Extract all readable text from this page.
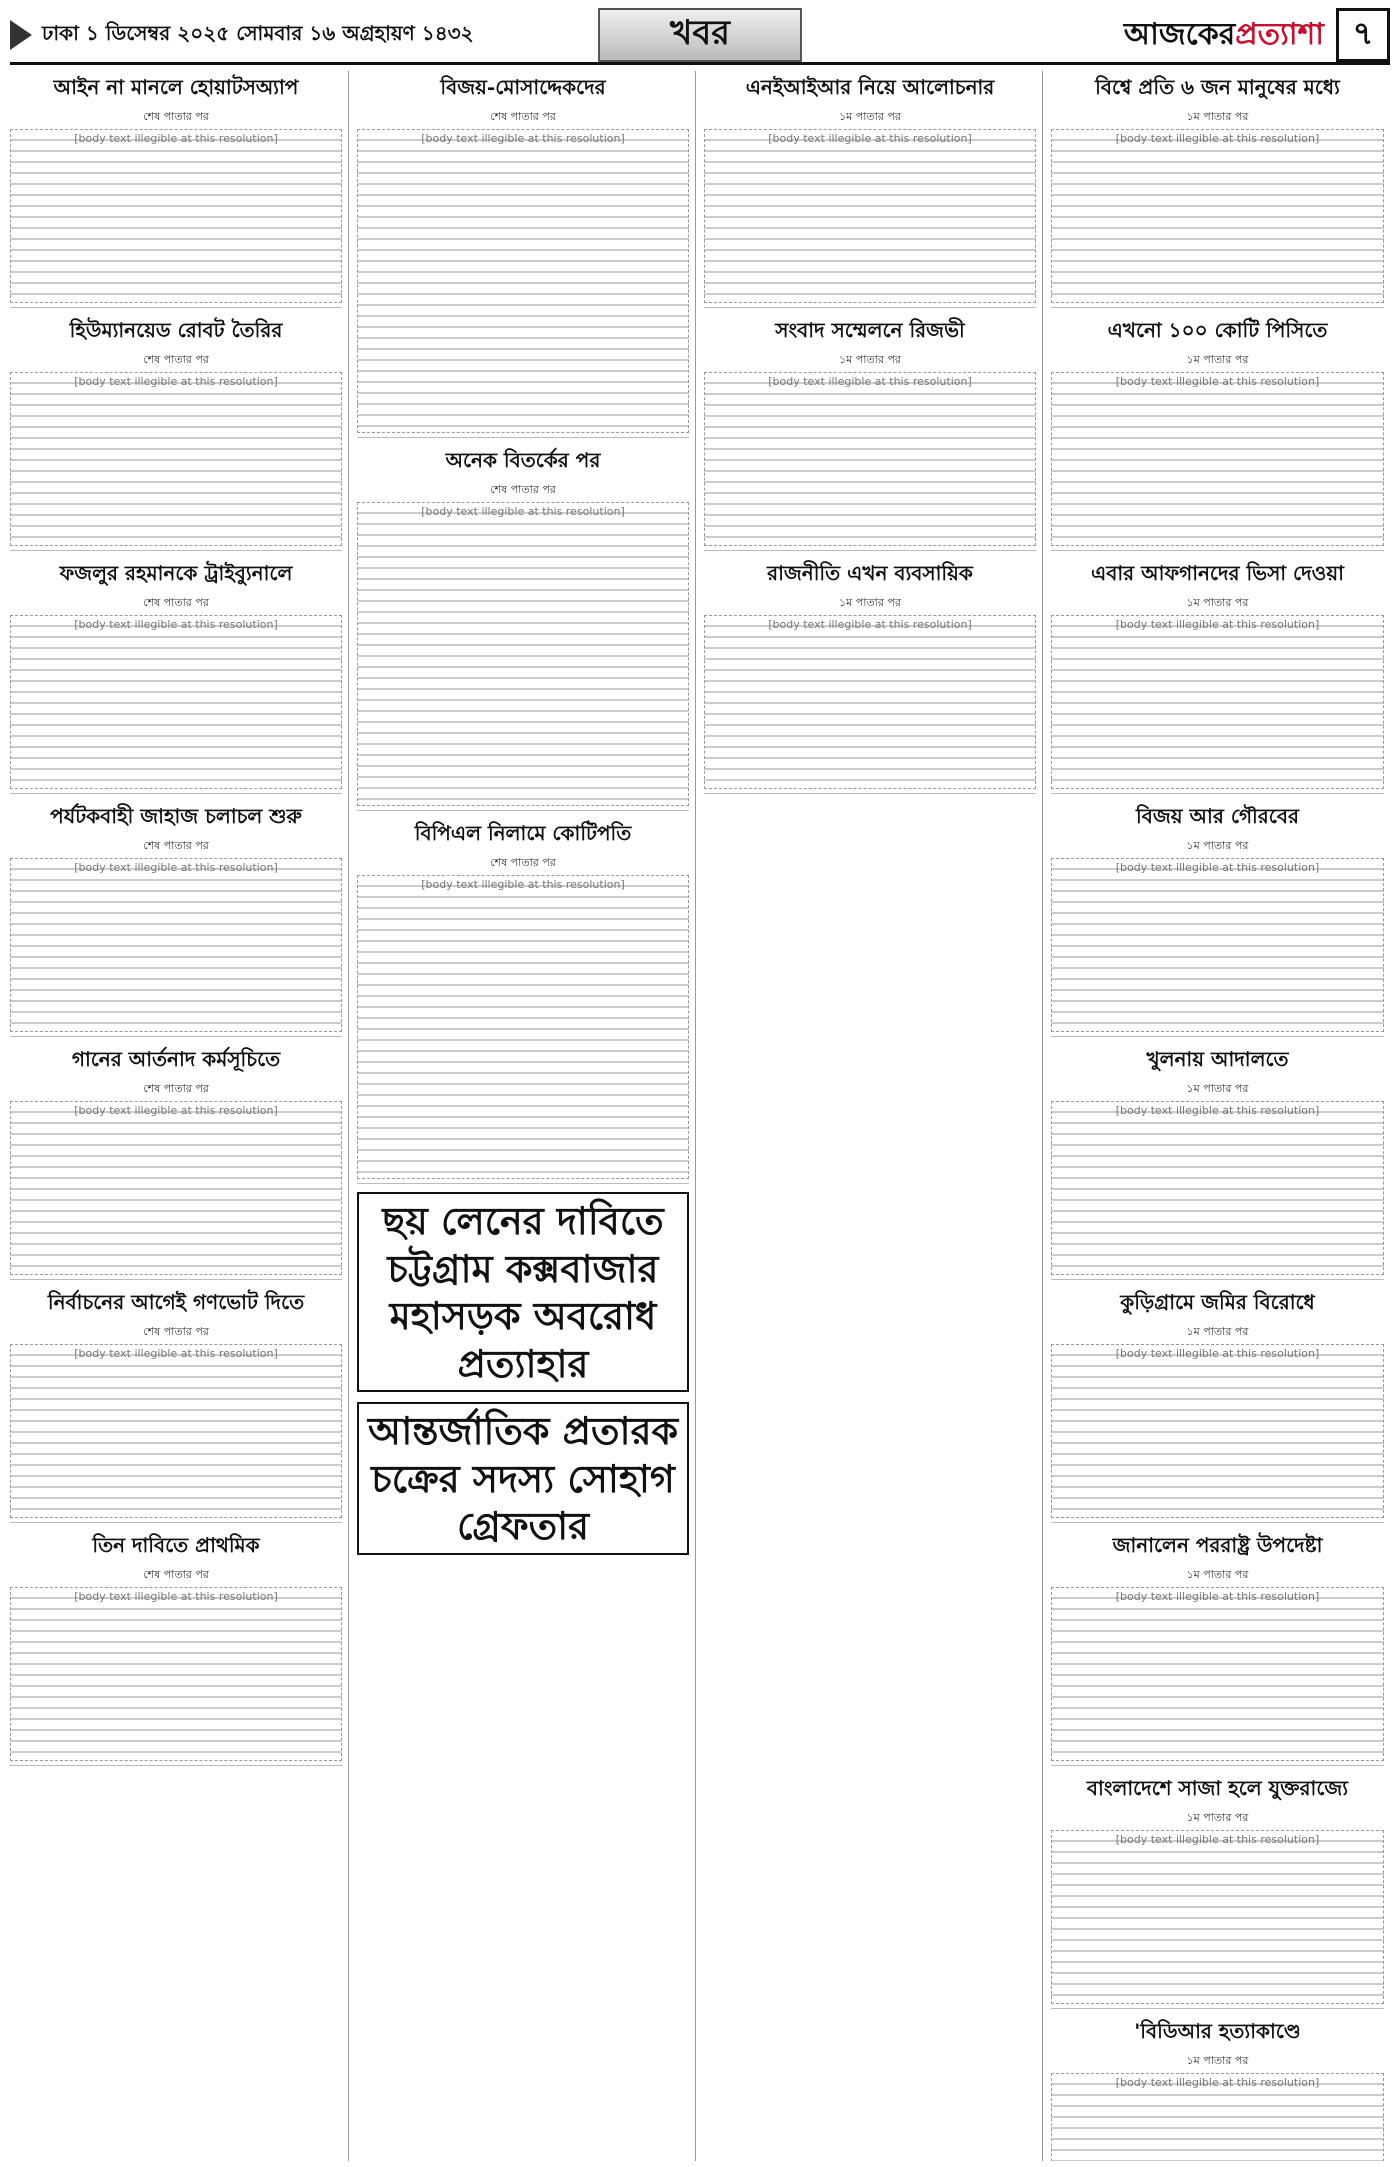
ঢাকা ১ ডিসেম্বর ২০২৫ সোমবার ১৬ অগ্রহায়ণ ১৪৩২	খবর	আজকেরপ্রত্যাশা ৭
আইন না মানলে হোয়াটসঅ্যাপ
শেষ পাতার পর
[body text illegible at this resolution]
হিউম্যানয়েড রোবট তৈরির
শেষ পাতার পর
[body text illegible at this resolution]
ফজলুর রহমানকে ট্রাইব্যুনালে
শেষ পাতার পর
[body text illegible at this resolution]
পর্যটকবাহী জাহাজ চলাচল শুরু
শেষ পাতার পর
[body text illegible at this resolution]
গানের আর্তনাদ কর্মসূচিতে
শেষ পাতার পর
[body text illegible at this resolution]
নির্বাচনের আগেই গণভোট দিতে
শেষ পাতার পর
[body text illegible at this resolution]
তিন দাবিতে প্রাথমিক
শেষ পাতার পর
[body text illegible at this resolution]
বিজয়-মোসাদ্দেকদের
শেষ পাতার পর
[body text illegible at this resolution]
অনেক বিতর্কের পর
শেষ পাতার পর
[body text illegible at this resolution]
বিপিএল নিলামে কোটিপতি
শেষ পাতার পর
[body text illegible at this resolution]
ছয় লেনের দাবিতে চট্টগ্রাম কক্সবাজার মহাসড়ক অবরোধ প্রত্যাহার
আন্তর্জাতিক প্রতারক চক্রের সদস্য সোহাগ গ্রেফতার
এনইআইআর নিয়ে আলোচনার
১ম পাতার পর
[body text illegible at this resolution]
সংবাদ সম্মেলনে রিজভী
১ম পাতার পর
[body text illegible at this resolution]
রাজনীতি এখন ব্যবসায়িক
১ম পাতার পর
[body text illegible at this resolution]
বিশ্বে প্রতি ৬ জন মানুষের মধ্যে
১ম পাতার পর
[body text illegible at this resolution]
এখনো ১০০ কোটি পিসিতে
১ম পাতার পর
[body text illegible at this resolution]
এবার আফগানদের ভিসা দেওয়া
১ম পাতার পর
[body text illegible at this resolution]
বিজয় আর গৌরবের
১ম পাতার পর
[body text illegible at this resolution]
খুলনায় আদালতে
১ম পাতার পর
[body text illegible at this resolution]
কুড়িগ্রামে জমির বিরোধে
১ম পাতার পর
[body text illegible at this resolution]
জানালেন পররাষ্ট্র উপদেষ্টা
১ম পাতার পর
[body text illegible at this resolution]
বাংলাদেশে সাজা হলে যুক্তরাজ্যে
১ম পাতার পর
[body text illegible at this resolution]
'বিডিআর হত্যাকাণ্ডে
১ম পাতার পর
[body text illegible at this resolution]
